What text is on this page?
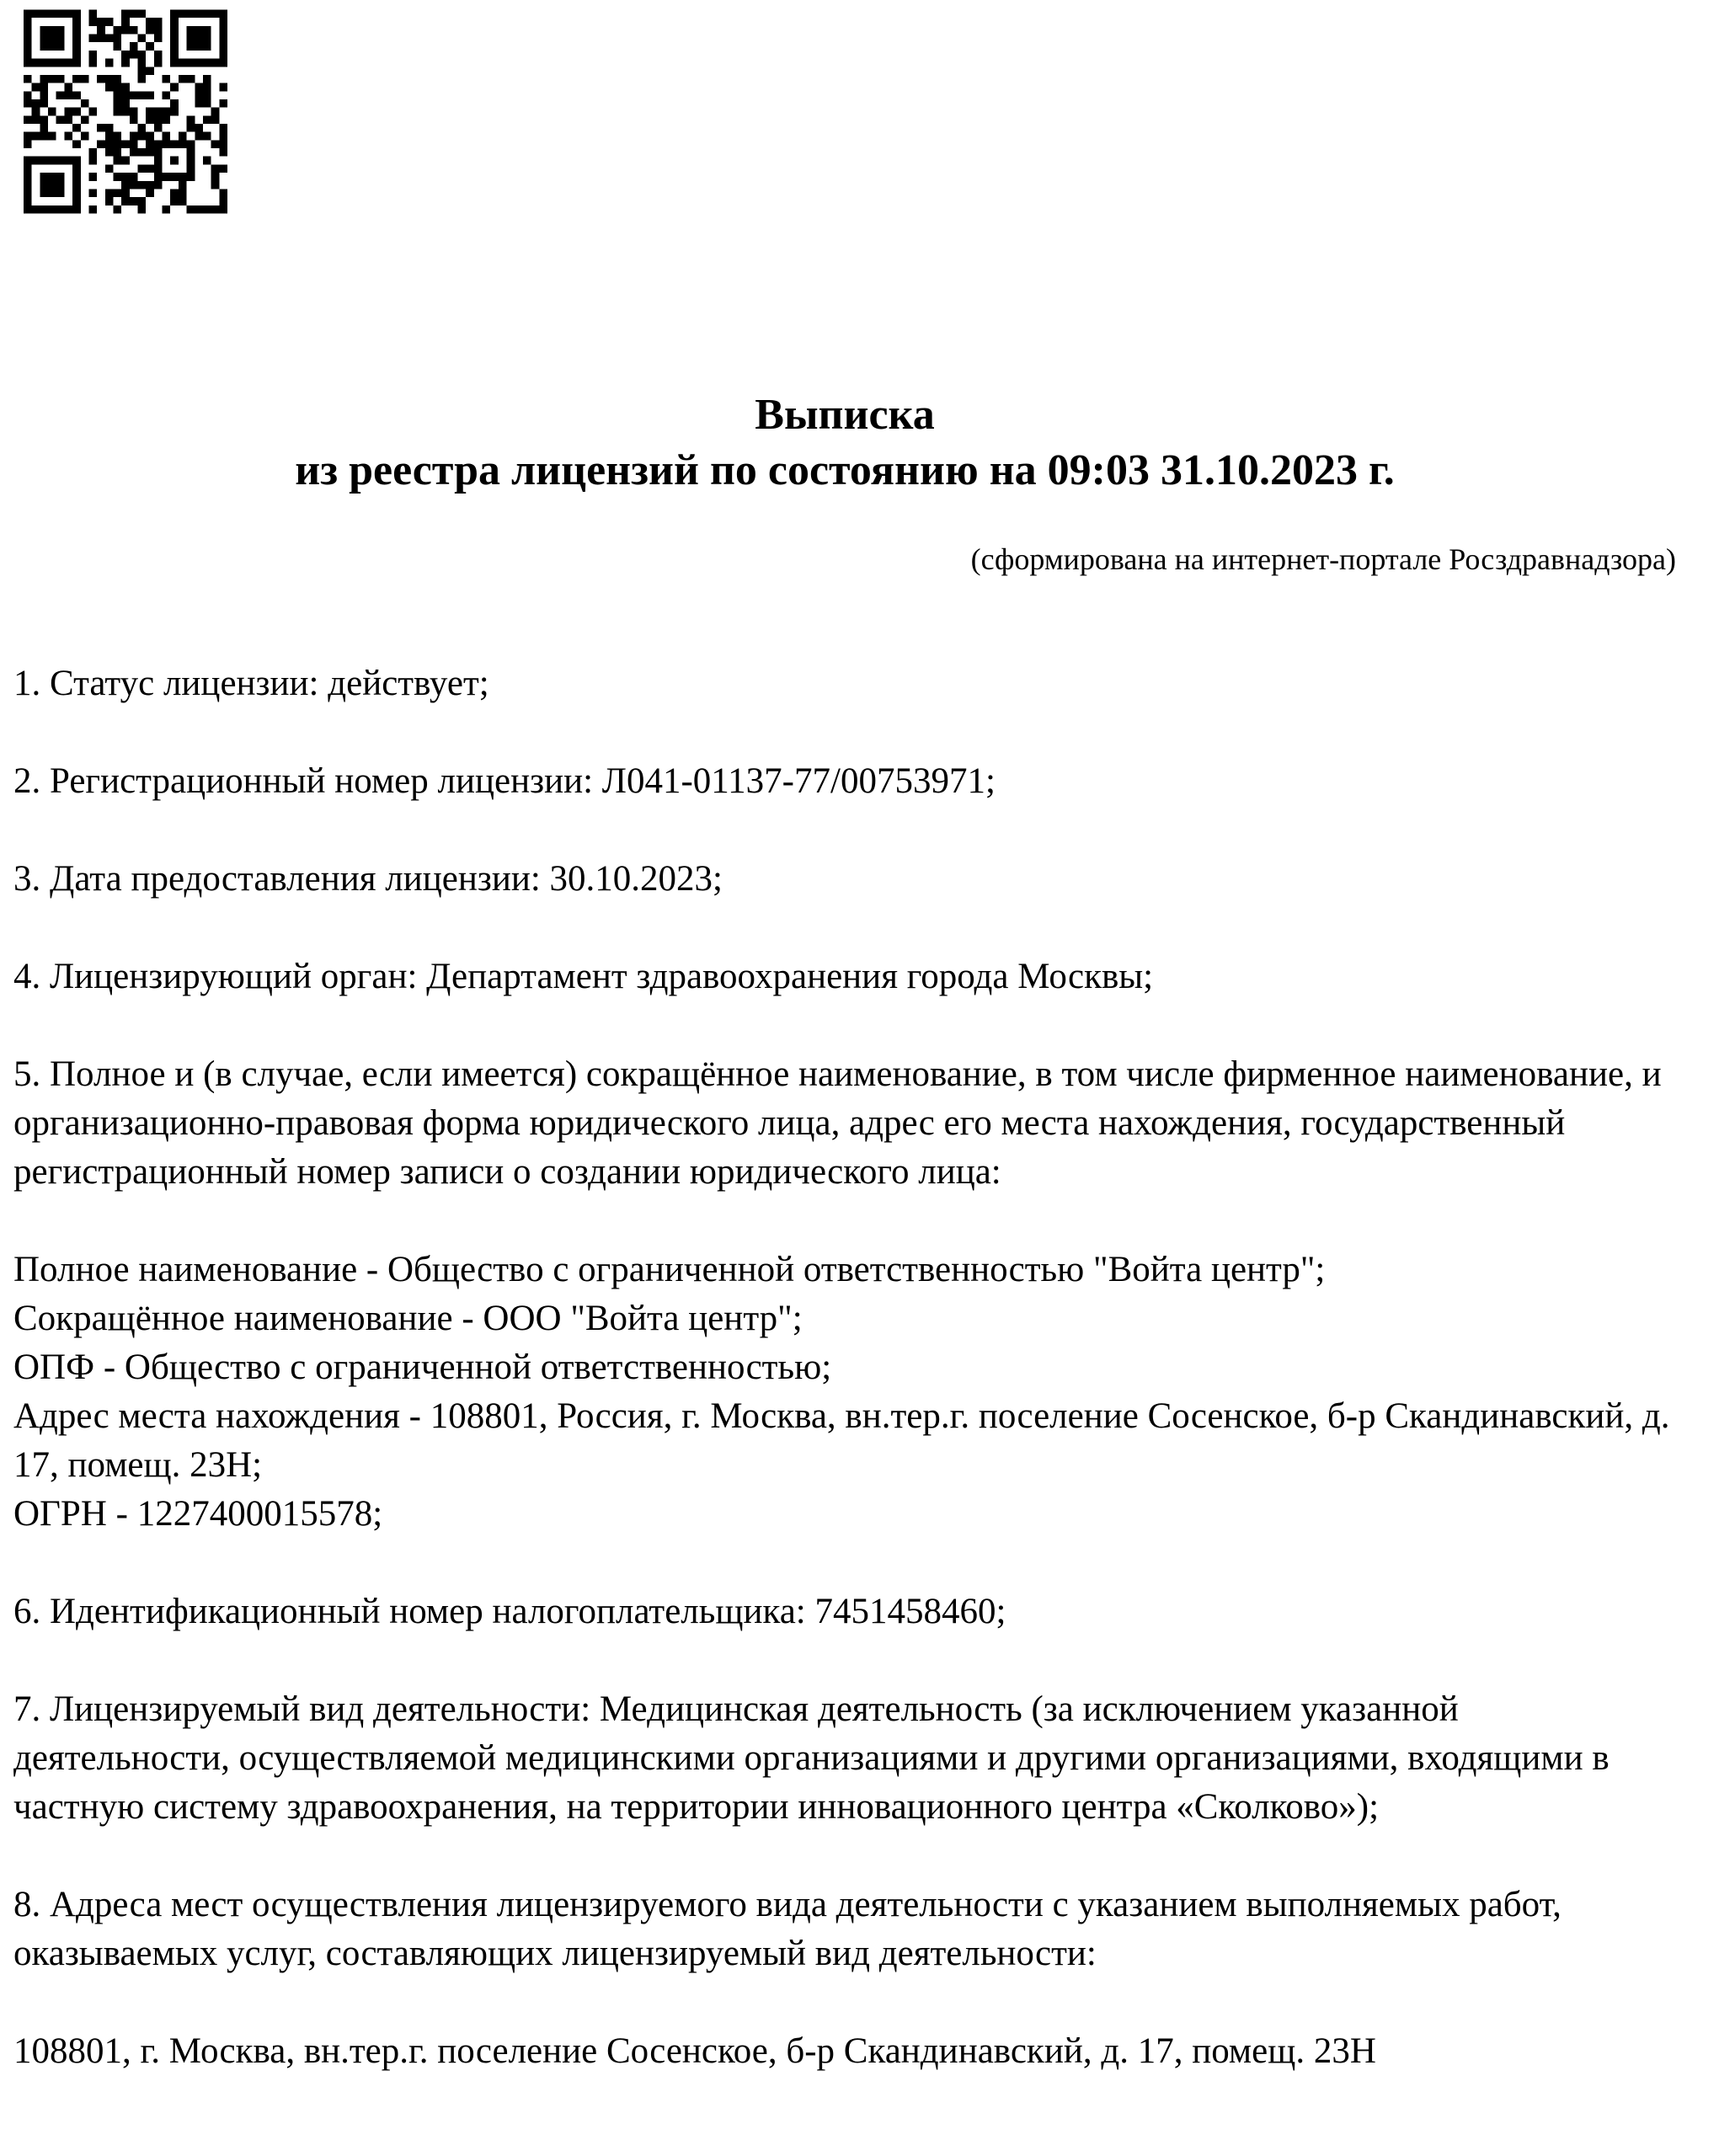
Выписка
из реестра лицензий по состоянию на 09:03 31.10.2023 г.
(сформирована на интернет-портале Росздравнадзора)

1. Статус лицензии: действует;

2. Регистрационный номер лицензии: Л041-01137-77/00753971;

3. Дата предоставления лицензии: 30.10.2023;

4. Лицензирующий орган: Департамент здравоохранения города Москвы;

5. Полное и (в случае, если имеется) сокращённое наименование, в том числе фирменное наименование, и организационно-правовая форма юридического лица, адрес его места нахождения, государственный регистрационный номер записи о создании юридического лица:

Полное наименование - Общество с ограниченной ответственностью "Войта центр";
Сокращённое наименование - ООО "Войта центр";
ОПФ - Общество с ограниченной ответственностью;
Адрес места нахождения - 108801, Россия, г. Москва, вн.тер.г. поселение Сосенское, б-р Скандинавский, д. 17, помещ. 23Н;
ОГРН - 1227400015578;

6. Идентификационный номер налогоплательщика: 7451458460;

7. Лицензируемый вид деятельности: Медицинская деятельность (за исключением указанной деятельности, осуществляемой медицинскими организациями и другими организациями, входящими в частную систему здравоохранения, на территории инновационного центра «Сколково»);

8. Адреса мест осуществления лицензируемого вида деятельности с указанием выполняемых работ, оказываемых услуг, составляющих лицензируемый вид деятельности:

108801, г. Москва, вн.тер.г. поселение Сосенское, б-р Скандинавский, д. 17, помещ. 23Н
